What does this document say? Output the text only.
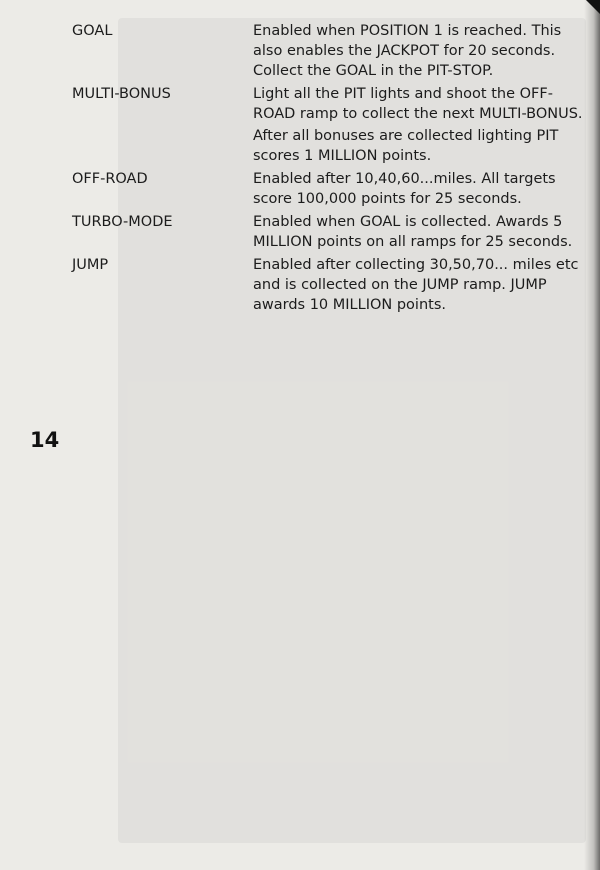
GOAL	Enabled when POSITION 1 is reached. This
also enables the JACKPOT for 20 seconds.
Collect the GOAL in the PIT-STOP.
MULTI-BONUS	Light all the PIT lights and shoot the OFF-
ROAD ramp to collect the next MULTI-BONUS.
After all bonuses are collected lighting PIT
scores 1 MILLION points.
OFF-ROAD	Enabled after 10,40,60...miles. All targets
score 100,000 points for 25 seconds.
TURBO-MODE	Enabled when GOAL is collected. Awards 5
MILLION points on all ramps for 25 seconds.
JUMP	Enabled after collecting 30,50,70... miles etc
and is collected on the JUMP ramp. JUMP
awards 10 MILLION points.
14
